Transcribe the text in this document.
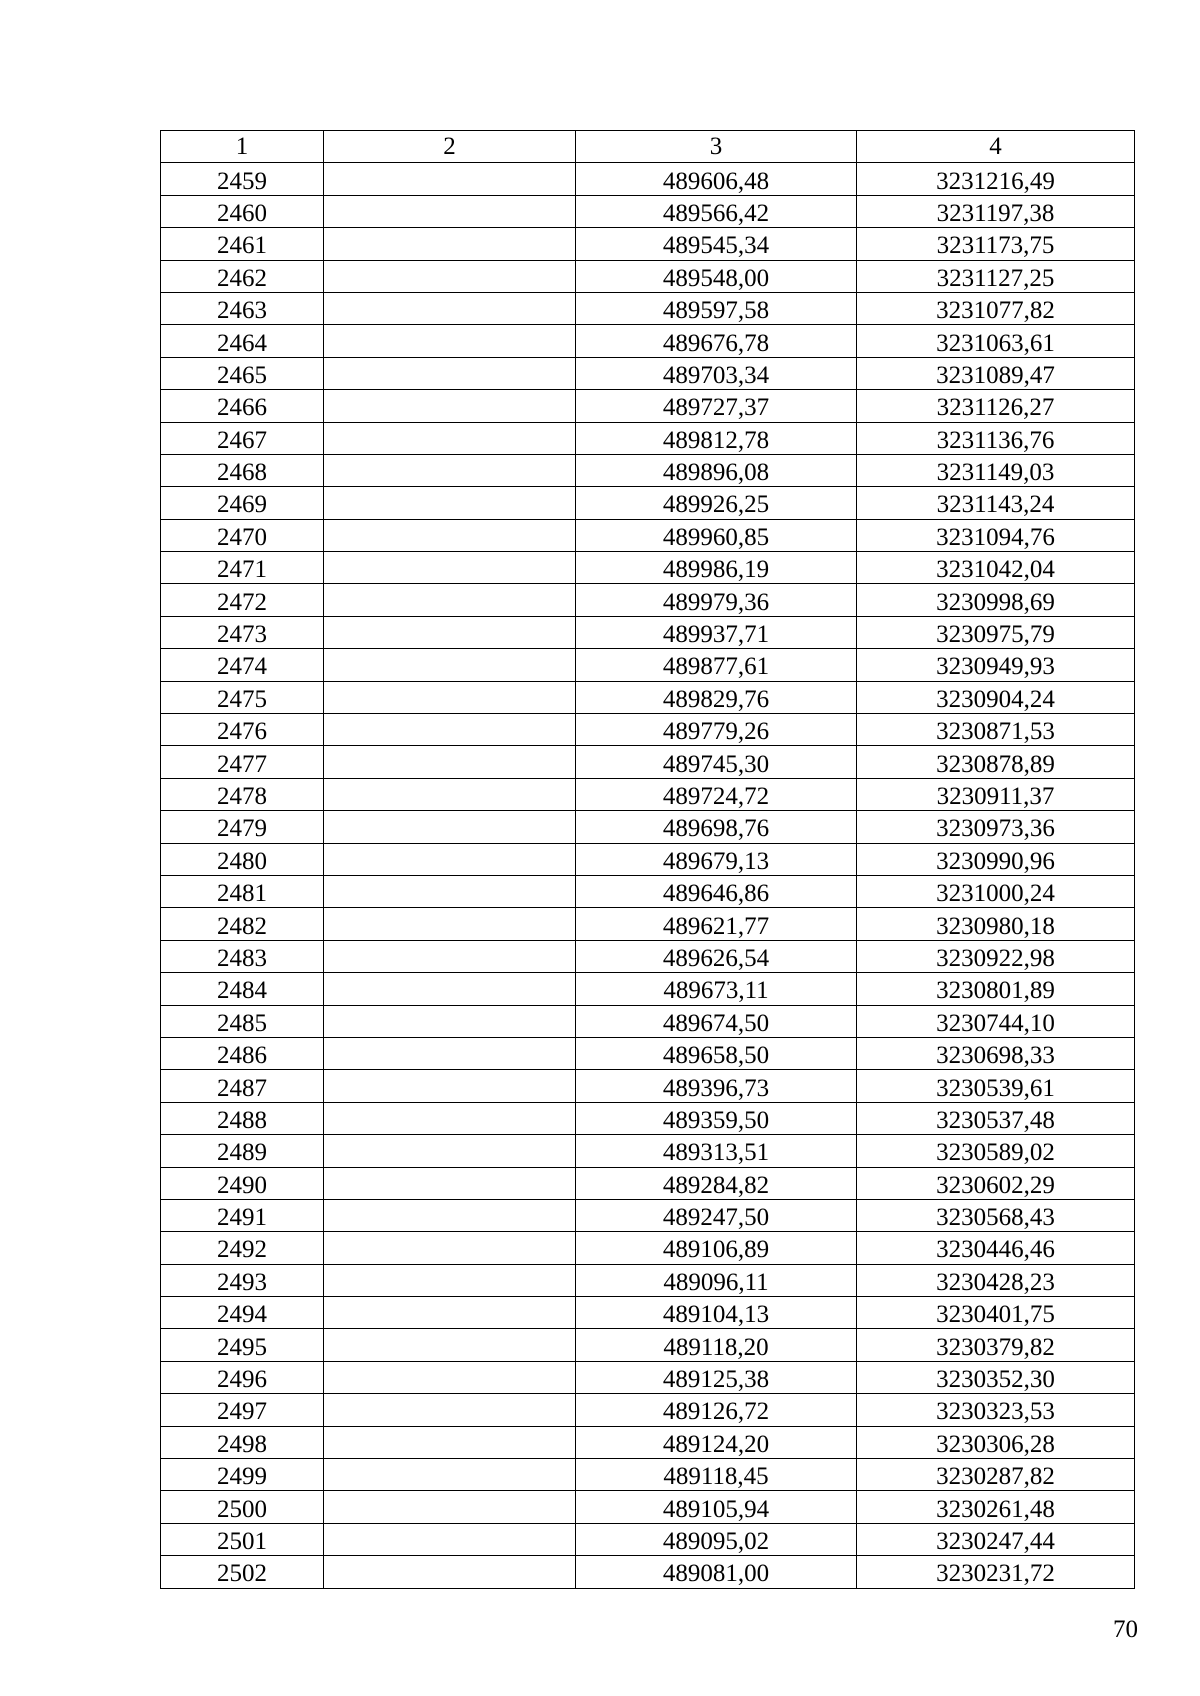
1	2	3	4
2459		489606,48	3231216,49
2460		489566,42	3231197,38
2461		489545,34	3231173,75
2462		489548,00	3231127,25
2463		489597,58	3231077,82
2464		489676,78	3231063,61
2465		489703,34	3231089,47
2466		489727,37	3231126,27
2467		489812,78	3231136,76
2468		489896,08	3231149,03
2469		489926,25	3231143,24
2470		489960,85	3231094,76
2471		489986,19	3231042,04
2472		489979,36	3230998,69
2473		489937,71	3230975,79
2474		489877,61	3230949,93
2475		489829,76	3230904,24
2476		489779,26	3230871,53
2477		489745,30	3230878,89
2478		489724,72	3230911,37
2479		489698,76	3230973,36
2480		489679,13	3230990,96
2481		489646,86	3231000,24
2482		489621,77	3230980,18
2483		489626,54	3230922,98
2484		489673,11	3230801,89
2485		489674,50	3230744,10
2486		489658,50	3230698,33
2487		489396,73	3230539,61
2488		489359,50	3230537,48
2489		489313,51	3230589,02
2490		489284,82	3230602,29
2491		489247,50	3230568,43
2492		489106,89	3230446,46
2493		489096,11	3230428,23
2494		489104,13	3230401,75
2495		489118,20	3230379,82
2496		489125,38	3230352,30
2497		489126,72	3230323,53
2498		489124,20	3230306,28
2499		489118,45	3230287,82
2500		489105,94	3230261,48
2501		489095,02	3230247,44
2502		489081,00	3230231,72
70
